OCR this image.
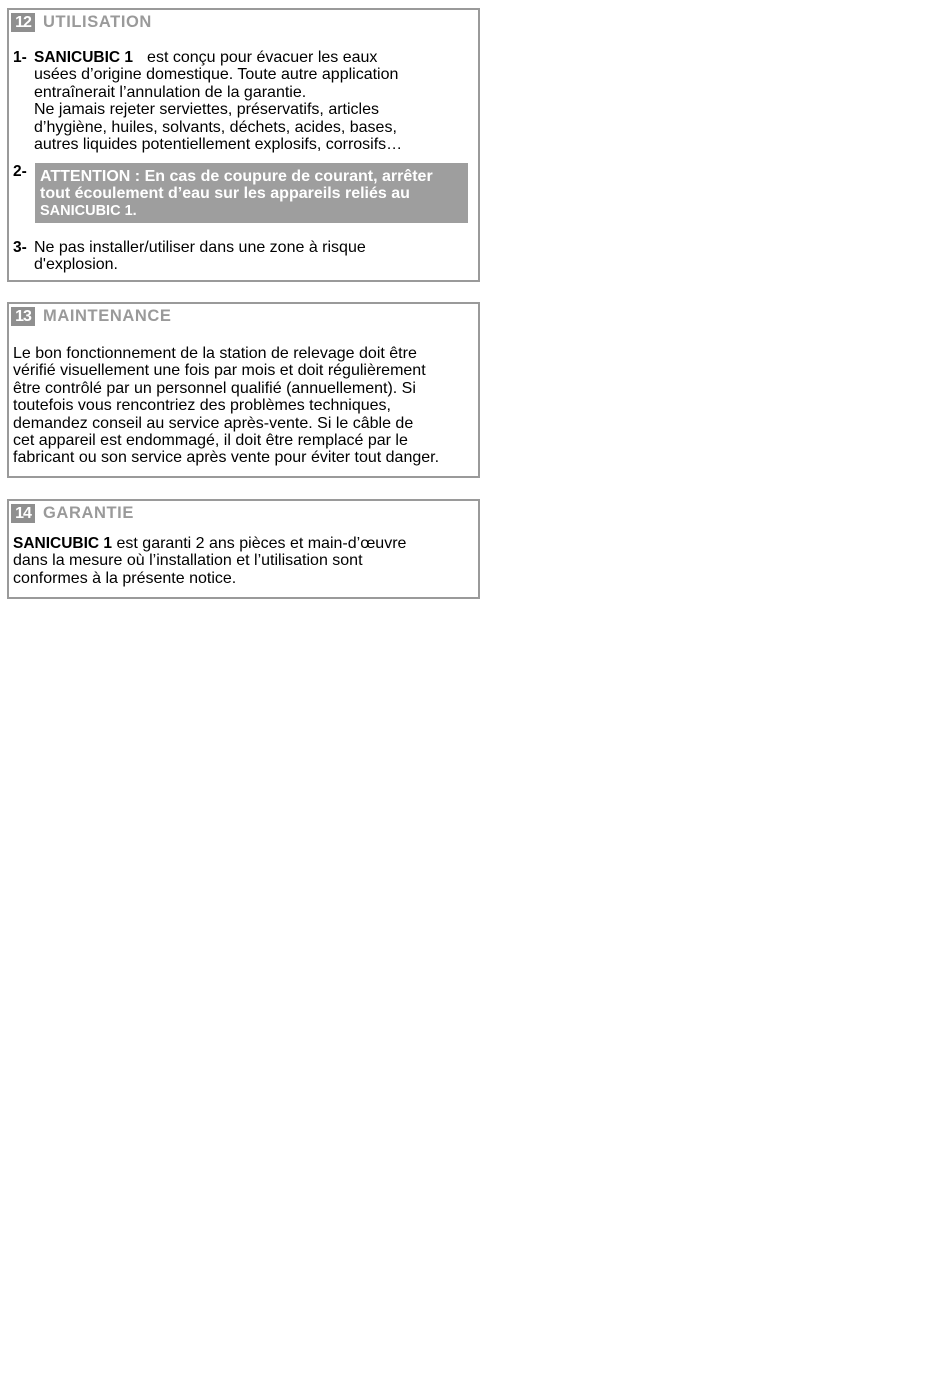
12 UTILISATION
1- SANICUBIC 1 est conçu pour évacuer les eaux
usées d’origine domestique. Toute autre application
entraînerait l’annulation de la garantie.
Ne jamais rejeter serviettes, préservatifs, articles
d’hygiène, huiles, solvants, déchets, acides, bases,
autres liquides potentiellement explosifs, corrosifs…
2- ATTENTION : En cas de coupure de courant, arrêter
tout écoulement d’eau sur les appareils reliés au
SANICUBIC 1.
3- Ne pas installer/utiliser dans une zone à risque
d'explosion.
13 MAINTENANCE
Le bon fonctionnement de la station de relevage doit être
vérifié visuellement une fois par mois et doit régulièrement
être contrôlé par un personnel qualifié (annuellement). Si
toutefois vous rencontriez des problèmes techniques,
demandez conseil au service après-vente. Si le câble de
cet appareil est endommagé, il doit être remplacé par le
fabricant ou son service après vente pour éviter tout danger.
14 GARANTIE
SANICUBIC 1 est garanti 2 ans pièces et main-d’œuvre
dans la mesure où l’installation et l’utilisation sont
conformes à la présente notice.
